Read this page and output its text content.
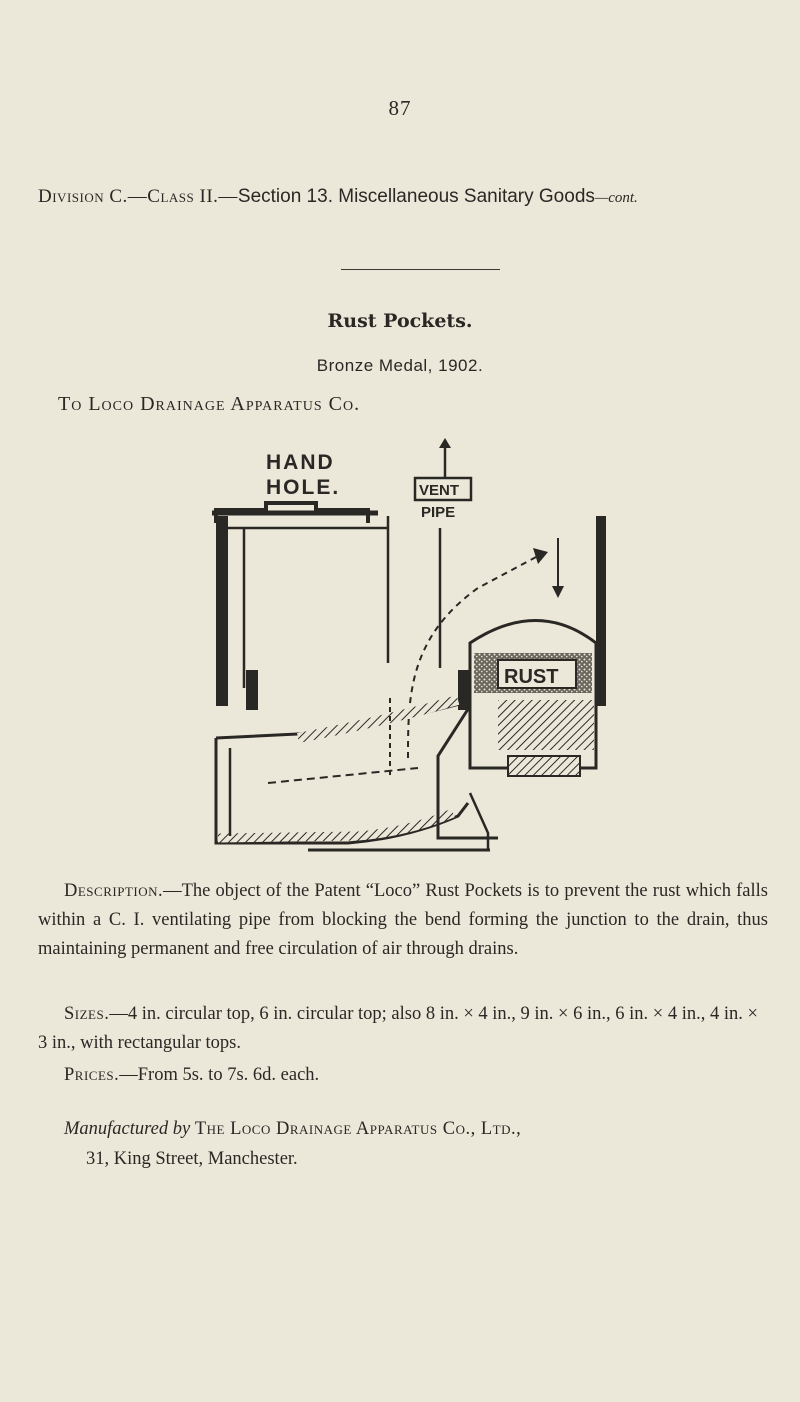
87
Division C.—Class II.—Section 13. Miscellaneous Sanitary Goods—cont.
Rust Pockets.
Bronze Medal, 1902.
To Loco Drainage Apparatus Co.
HAND
HOLE.	VENT
PIPE
RUST
Description.—The object of the Patent “Loco” Rust Pockets is to prevent the rust which falls within a C. I. ventilating pipe from blocking the bend forming the junction to the drain, thus maintaining permanent and free circulation of air through drains.
Sizes.—4 in. circular top, 6 in. circular top; also 8 in. × 4 in., 9 in. × 6 in., 6 in. × 4 in., 4 in. × 3 in., with rectangular tops.
Prices.—From 5s. to 7s. 6d. each.
Manufactured by The Loco Drainage Apparatus Co., Ltd.,
31, King Street, Manchester.
